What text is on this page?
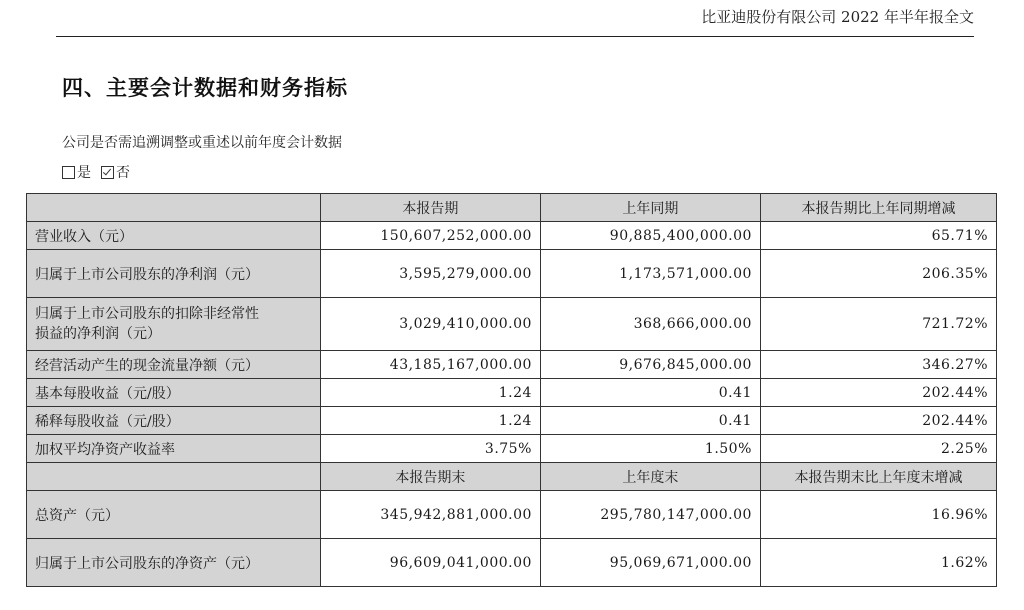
比亚迪股份有限公司 2022 年半年报全文
四、主要会计数据和财务指标
公司是否需追溯调整或重述以前年度会计数据
是 否
	本报告期	上年同期	本报告期比上年同期增减
营业收入（元）	150,607,252,000.00	90,885,400,000.00	65.71%
归属于上市公司股东的净利润（元）	3,595,279,000.00	1,173,571,000.00	206.35%

归属于上市公司股东的扣除非经常性
损益的净利润（元）	3,029,410,000.00	368,666,000.00	721.72%
经营活动产生的现金流量净额（元）	43,185,167,000.00	9,676,845,000.00	346.27%
基本每股收益（元/股）	1.24	0.41	202.44%
稀释每股收益（元/股）	1.24	0.41	202.44%
加权平均净资产收益率	3.75%	1.50%	2.25%
	本报告期末	上年度末	本报告期末比上年度末增减
总资产（元）	345,942,881,000.00	295,780,147,000.00	16.96%
归属于上市公司股东的净资产（元）	96,609,041,000.00	95,069,671,000.00	1.62%
